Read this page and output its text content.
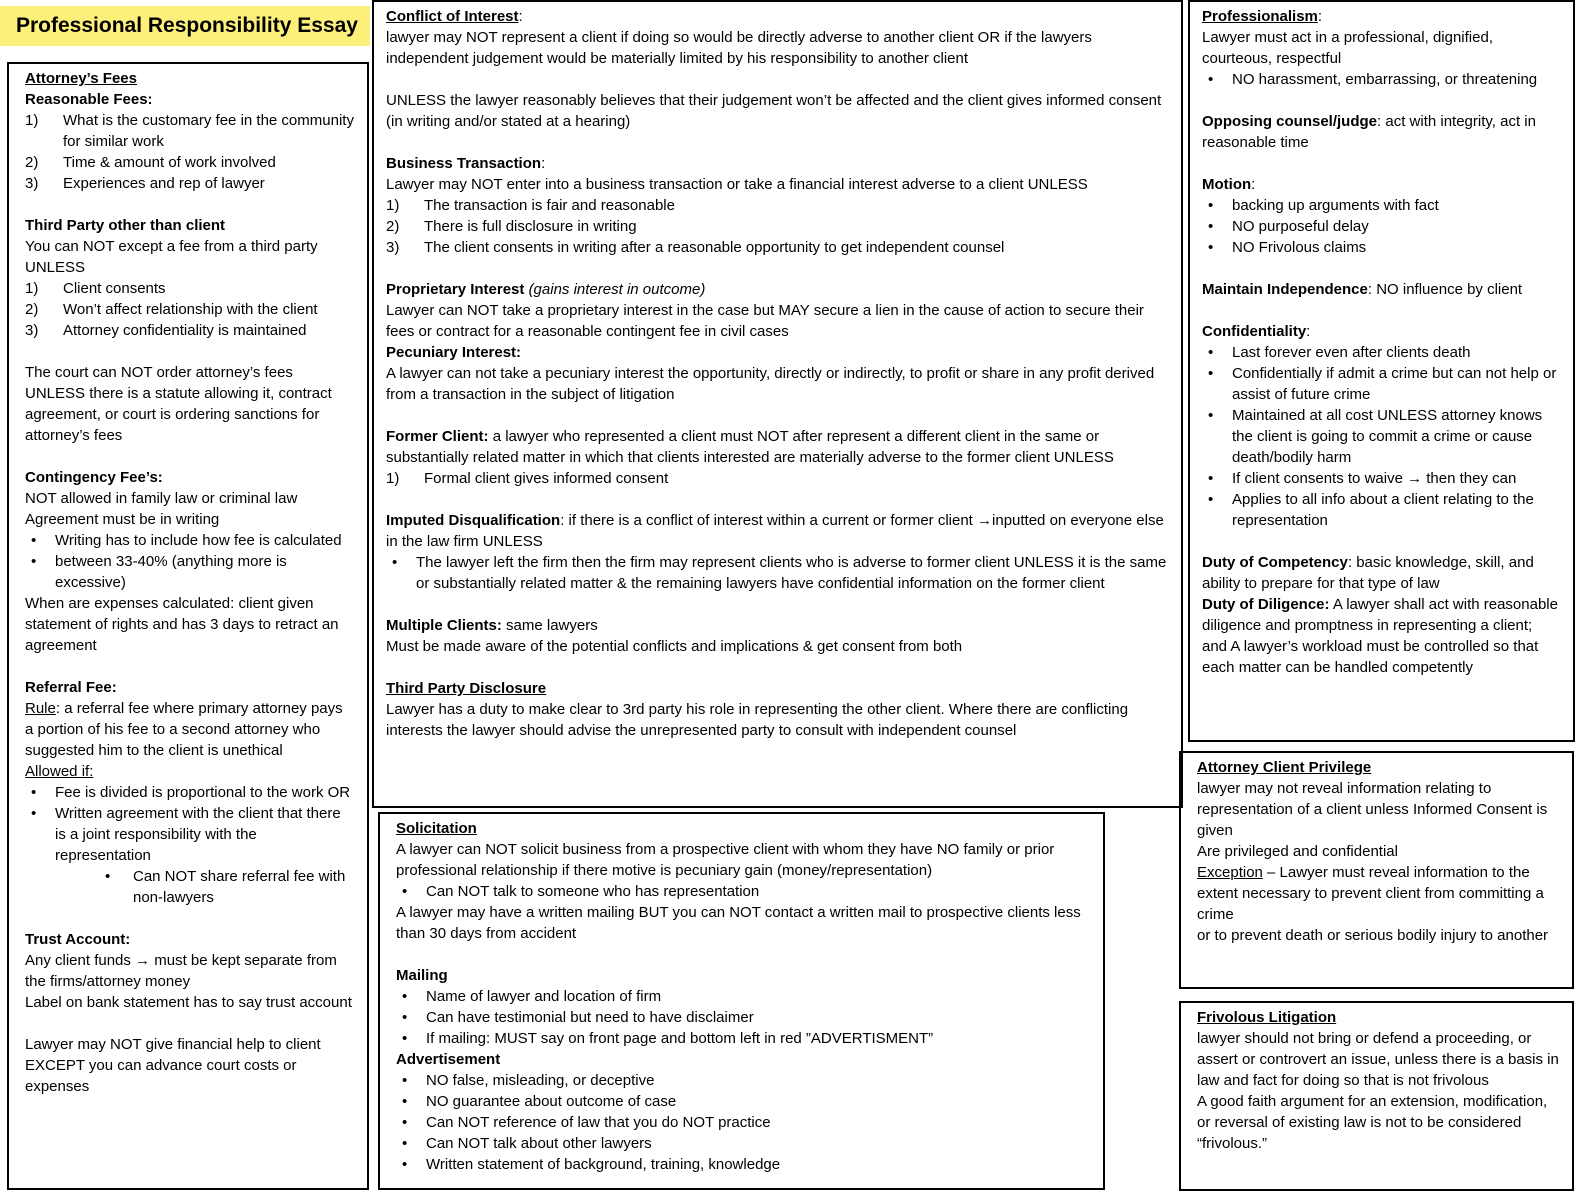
Professional Responsibility Essay

Attorney’s Fees

Reasonable Fees:

1) What is the customary fee in the community for similar work
2) Time & amount of work involved
3) Experiences and rep of lawyer

Third Party other than client

You can NOT except a fee from a third party UNLESS

1) Client consents
2) Won’t affect relationship with the client
3) Attorney confidentiality is maintained

The court can NOT order attorney’s fees UNLESS there is a statute allowing it, contract agreement, or court is ordering sanctions for attorney’s fees

Contingency Fee’s:

NOT allowed in family law or criminal law

Agreement must be in writing

• Writing has to include how fee is calculated
• between 33-40% (anything more is excessive)

When are expenses calculated: client given statement of rights and has 3 days to retract an agreement

Referral Fee:

Rule: a referral fee where primary attorney pays a portion of his fee to a second attorney who suggested him to the client is unethical

Allowed if:

• Fee is divided is proportional to the work OR
• Written agreement with the client that there is a joint responsibility with the representation
• Can NOT share referral fee with non-lawyers

Trust Account:

Any client funds → must be kept separate from the firms/attorney money

Label on bank statement has to say trust account

Lawyer may NOT give financial help to client EXCEPT you can advance court costs or expenses

Conflict of Interest:

lawyer may NOT represent a client if doing so would be directly adverse to another client OR if the lawyers independent judgement would be materially limited by his responsibility to another client

UNLESS the lawyer reasonably believes that their judgement won’t be affected and the client gives informed consent (in writing and/or stated at a hearing)

Business Transaction:

Lawyer may NOT enter into a business transaction or take a financial interest adverse to a client UNLESS

1) The transaction is fair and reasonable
2) There is full disclosure in writing
3) The client consents in writing after a reasonable opportunity to get independent counsel

Proprietary Interest (gains interest in outcome)

Lawyer can NOT take a proprietary interest in the case but MAY secure a lien in the cause of action to secure their fees or contract for a reasonable contingent fee in civil cases

Pecuniary Interest:

A lawyer can not take a pecuniary interest the opportunity, directly or indirectly, to profit or share in any profit derived from a transaction in the subject of litigation

Former Client: a lawyer who represented a client must NOT after represent a different client in the same or substantially related matter in which that clients interested are materially adverse to the former client UNLESS

1) Formal client gives informed consent

Imputed Disqualification: if there is a conflict of interest within a current or former client →inputted on everyone else in the law firm UNLESS

• The lawyer left the firm then the firm may represent clients who is adverse to former client UNLESS it is the same or substantially related matter & the remaining lawyers have confidential information on the former client

Multiple Clients: same lawyers

Must be made aware of the potential conflicts and implications & get consent from both

Third Party Disclosure

Lawyer has a duty to make clear to 3rd party his role in representing the other client. Where there are conflicting interests the lawyer should advise the unrepresented party to consult with independent counsel

Solicitation

A lawyer can NOT solicit business from a prospective client with whom they have NO family or prior professional relationship if there motive is pecuniary gain (money/representation)

• Can NOT talk to someone who has representation

A lawyer may have a written mailing BUT you can NOT contact a written mail to prospective clients less than 30 days from accident

Mailing

• Name of lawyer and location of firm
• Can have testimonial but need to have disclaimer
• If mailing: MUST say on front page and bottom left in red ”ADVERTISMENT”

Advertisement

• NO false, misleading, or deceptive
• NO guarantee about outcome of case
• Can NOT reference of law that you do NOT practice
• Can NOT talk about other lawyers
• Written statement of background, training, knowledge

Professionalism:

Lawyer must act in a professional, dignified, courteous, respectful

• NO harassment, embarrassing, or threatening

Opposing counsel/judge: act with integrity, act in reasonable time

Motion:

• backing up arguments with fact
• NO purposeful delay
• NO Frivolous claims

Maintain Independence: NO influence by client

Confidentiality:

• Last forever even after clients death
• Confidentially if admit a crime but can not help or assist of future crime
• Maintained at all cost UNLESS attorney knows the client is going to commit a crime or cause death/bodily harm
• If client consents to waive → then they can
• Applies to all info about a client relating to the representation

Duty of Competency: basic knowledge, skill, and ability to prepare for that type of law

Duty of Diligence: A lawyer shall act with reasonable diligence and promptness in representing a client; and A lawyer’s workload must be controlled so that each matter can be handled competently

Attorney Client Privilege

lawyer may not reveal information relating to representation of a client unless Informed Consent is given

Are privileged and confidential

Exception – Lawyer must reveal information to the extent necessary to prevent client from committing a crime

or to prevent death or serious bodily injury to another

Frivolous Litigation

lawyer should not bring or defend a proceeding, or assert or controvert an issue, unless there is a basis in law and fact for doing so that is not frivolous

A good faith argument for an extension, modification, or reversal of existing law is not to be considered “frivolous.”
